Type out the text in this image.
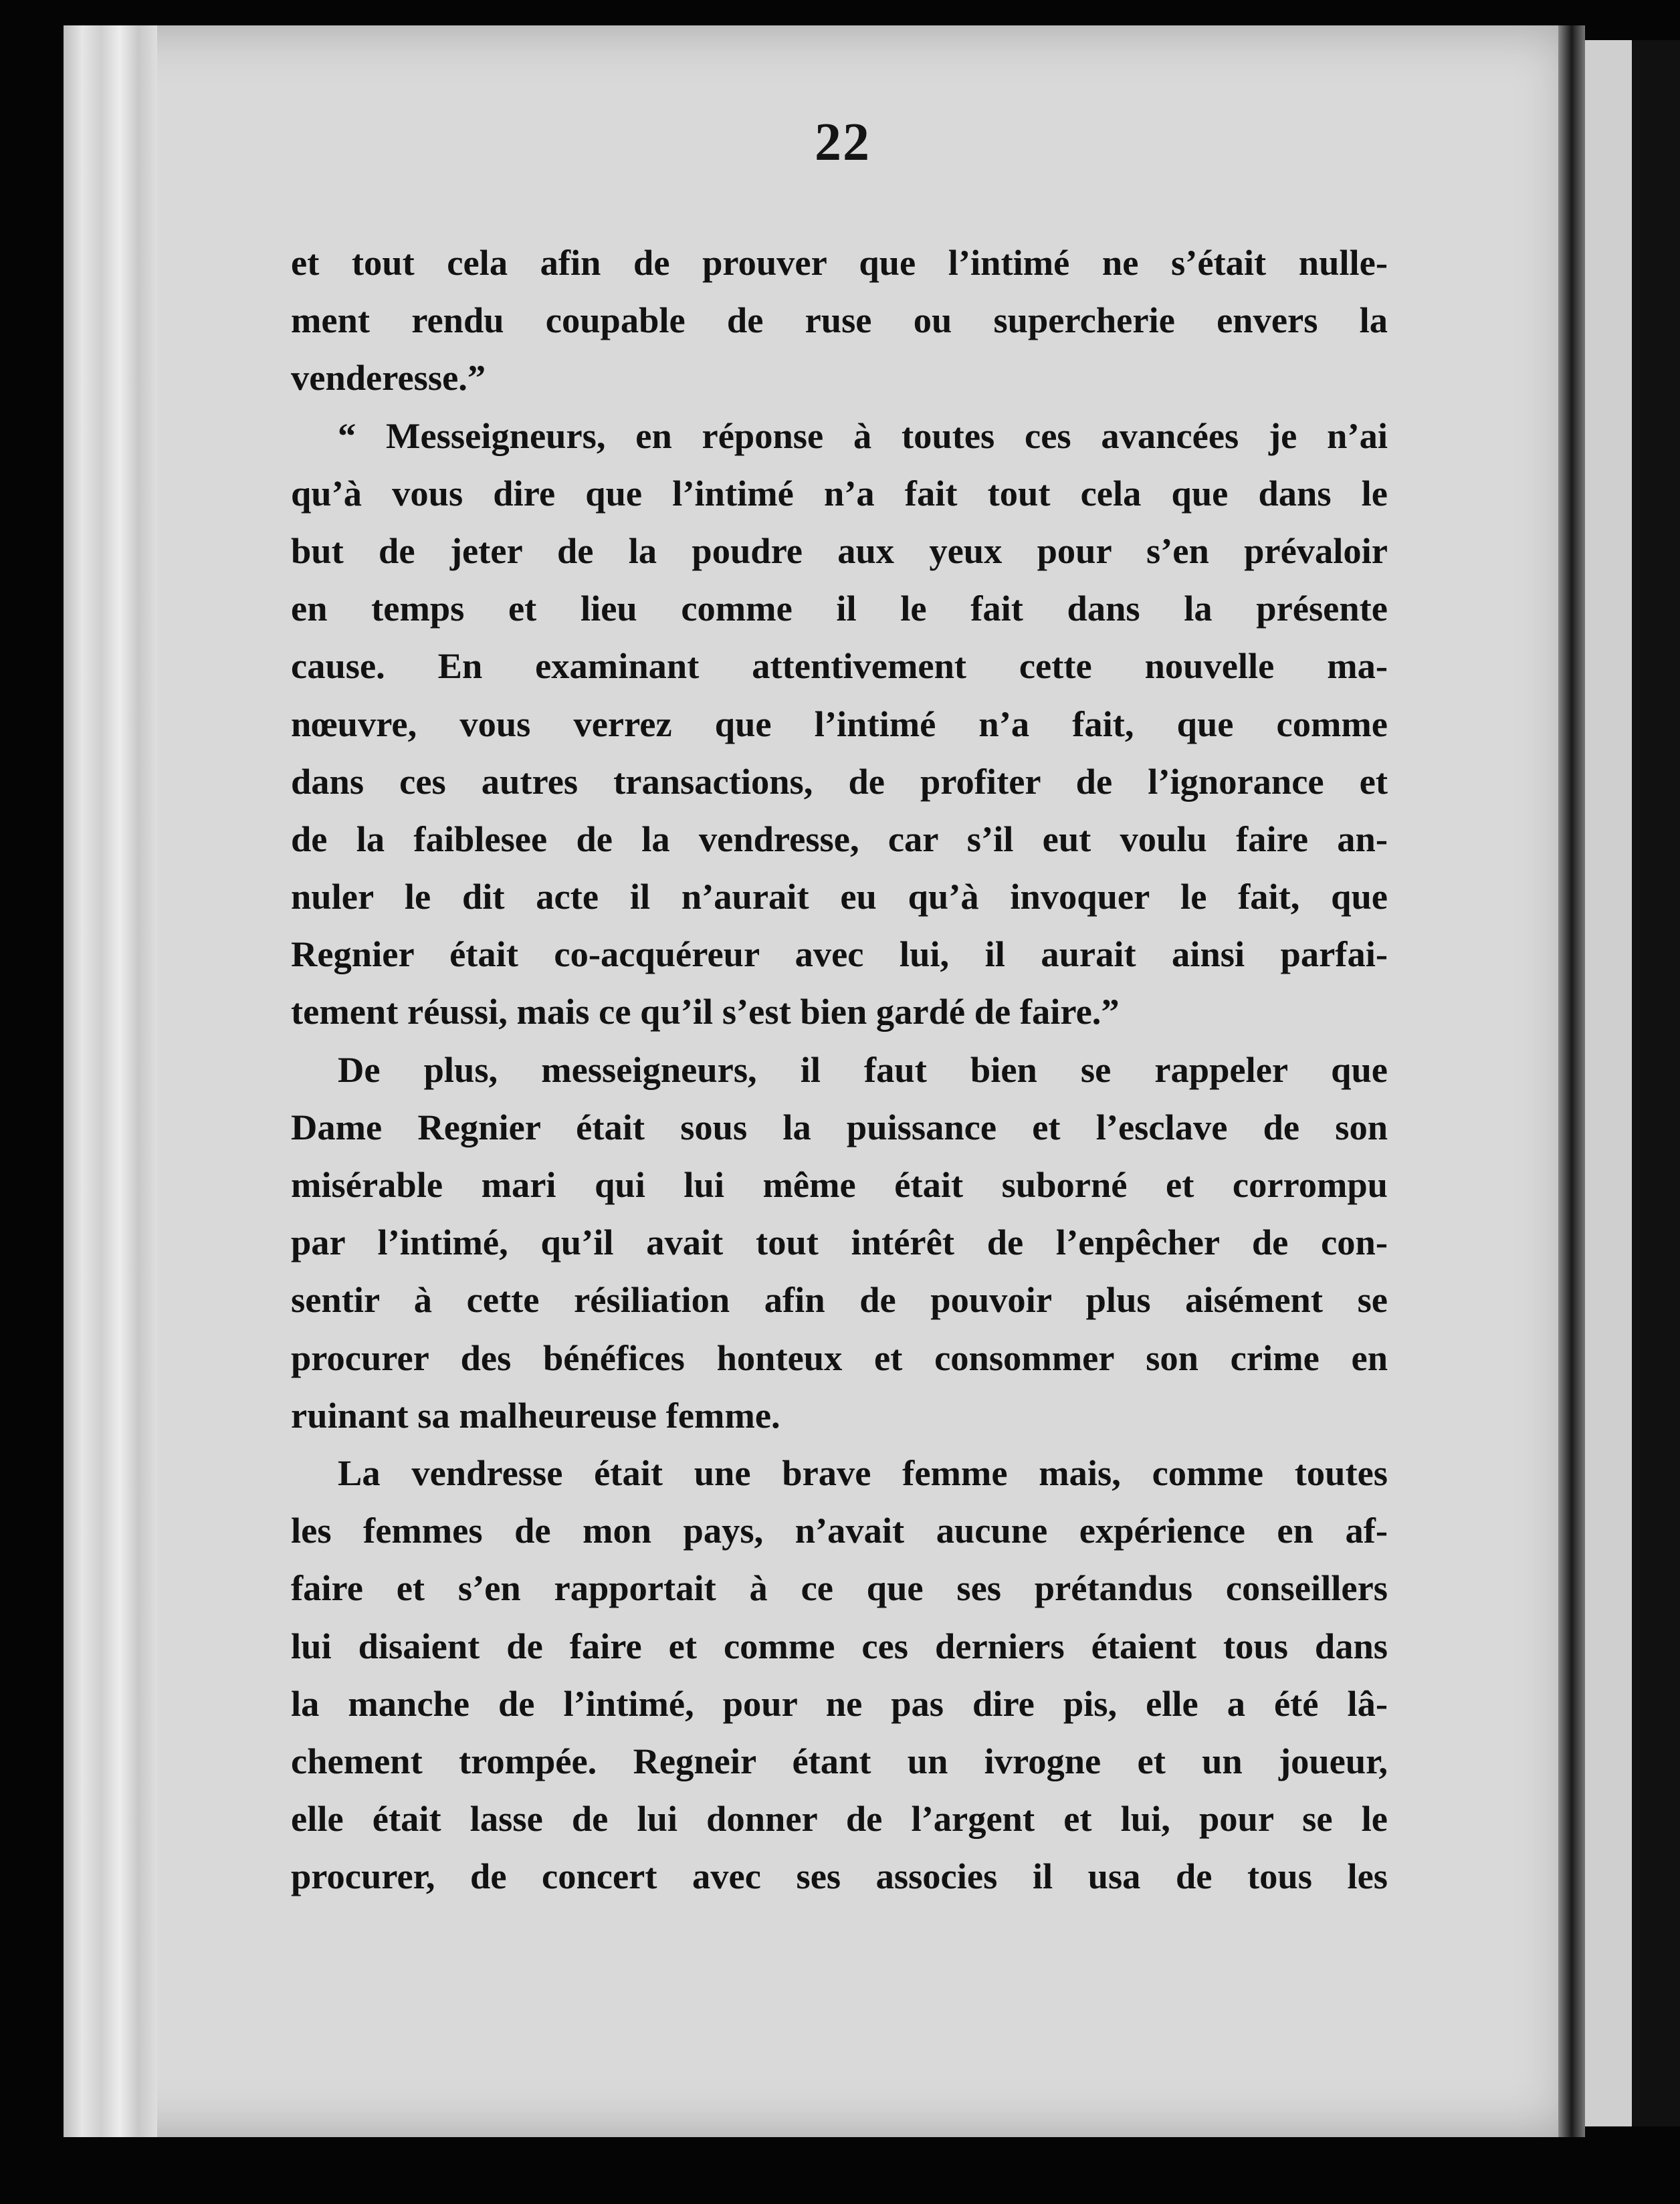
22
et tout cela afin de prouver que l’intimé ne s’était nulle-
ment rendu coupable de ruse ou supercherie envers la
venderesse.”
“ Messeigneurs, en réponse à toutes ces avancées je n’ai
qu’à vous dire que l’intimé n’a fait tout cela que dans le
but de jeter de la poudre aux yeux pour s’en prévaloir
en temps et lieu comme il le fait dans la présente
cause. En examinant attentivement cette nouvelle ma-
nœuvre, vous verrez que l’intimé n’a fait, que comme
dans ces autres transactions, de profiter de l’ignorance et
de la faiblesee de la vendresse, car s’il eut voulu faire an-
nuler le dit acte il n’aurait eu qu’à invoquer le fait, que
Regnier était co-acquéreur avec lui, il aurait ainsi parfai-
tement réussi, mais ce qu’il s’est bien gardé de faire.”
De plus, messeigneurs, il faut bien se rappeler que
Dame Regnier était sous la puissance et l’esclave de son
misérable mari qui lui même était suborné et corrompu
par l’intimé, qu’il avait tout intérêt de l’enpêcher de con-
sentir à cette résiliation afin de pouvoir plus aisément se
procurer des bénéfices honteux et consommer son crime en
ruinant sa malheureuse femme.
La vendresse était une brave femme mais, comme toutes
les femmes de mon pays, n’avait aucune expérience en af-
faire et s’en rapportait à ce que ses prétandus conseillers
lui disaient de faire et comme ces derniers étaient tous dans
la manche de l’intimé, pour ne pas dire pis, elle a été lâ-
chement trompée. Regneir étant un ivrogne et un joueur,
elle était lasse de lui donner de l’argent et lui, pour se le
procurer, de concert avec ses associes il usa de tous les
